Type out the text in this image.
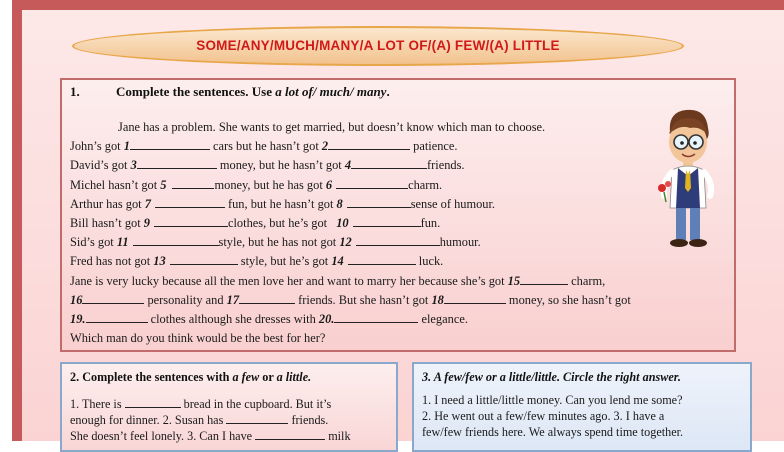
SOME/ANY/MUCH/MANY/A LOT OF/(A) FEW/(A) LITTLE
1.	Complete the sentences. Use a lot of/ much/ many.
Jane has a problem. She wants to get married, but doesn’t know which man to choose.
John’s got 1	cars but he hasn’t got 2	patience.
David’s got 3	money, but he hasn’t got 4	friends.
Michel hasn’t got 5	money, but he has got 6	charm.
Arthur has got 7	fun, but he hasn’t got 8	sense of humour.
Bill hasn’t got 9	clothes, but he’s got 10	fun.
Sid’s got 11	style, but he has not got 12	humour.
Fred has not got 13	style, but he’s got 14	luck.
Jane is very lucky because all the men love her and want to marry her because she’s got 15	charm,
16	personality and 17	friends. But she hasn’t got 18	money, so she hasn’t got
19.	clothes although she dresses with 20.	elegance.
Which man do you think would be the best for her?
2. Complete the sentences with a few or a little.
1. There is	bread in the cupboard. But it’s
enough for dinner. 2. Susan has	friends.
She doesn’t feel lonely. 3. Can I have	milk
3. A few/few or a little/little. Circle the right answer.
1. I need a little/little money. Can you lend me some?
2. He went out a few/few minutes ago. 3. I have a
few/few friends here. We always spend time together.
